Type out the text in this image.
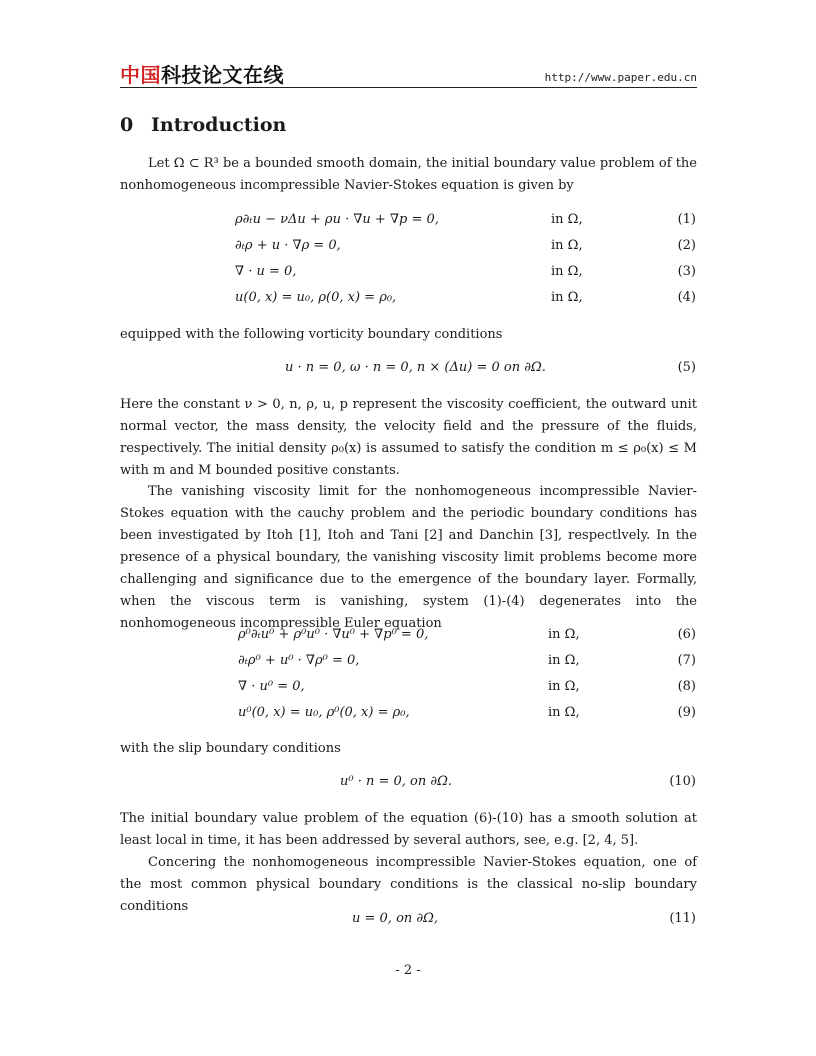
中国科技论文在线	http://www.paper.edu.cn
0 Introduction
Let Ω ⊂ R³ be a bounded smooth domain, the initial boundary value problem of the nonhomogeneous incompressible Navier-Stokes equation is given by
ρ∂ₜu − νΔu + ρu · ∇u + ∇p = 0,	in Ω,	(1)
∂ₜρ + u · ∇ρ = 0,	in Ω,	(2)
∇ · u = 0,	in Ω,	(3)
u(0, x) = u₀, ρ(0, x) = ρ₀,	in Ω,	(4)
equipped with the following vorticity boundary conditions
u · n = 0, ω · n = 0, n × (Δu) = 0 on ∂Ω.	(5)
Here the constant ν > 0, n, ρ, u, p represent the viscosity coefficient, the outward unit normal vector, the mass density, the velocity field and the pressure of the fluids, respectively. The initial density ρ₀(x) is assumed to satisfy the condition m ≤ ρ₀(x) ≤ M with m and M bounded positive constants.
The vanishing viscosity limit for the nonhomogeneous incompressible Navier-Stokes equation with the cauchy problem and the periodic boundary conditions has been investigated by Itoh [1], Itoh and Tani [2] and Danchin [3], respectlvely. In the presence of a physical boundary, the vanishing viscosity limit problems become more challenging and significance due to the emergence of the boundary layer. Formally, when the viscous term is vanishing, system (1)-(4) degenerates into the nonhomogeneous incompressible Euler equation
ρ⁰∂ₜu⁰ + ρ⁰u⁰ · ∇u⁰ + ∇p⁰ = 0,	in Ω,	(6)
∂ₜρ⁰ + u⁰ · ∇ρ⁰ = 0,	in Ω,	(7)
∇ · u⁰ = 0,	in Ω,	(8)
u⁰(0, x) = u₀, ρ⁰(0, x) = ρ₀,	in Ω,	(9)
with the slip boundary conditions
u⁰ · n = 0, on ∂Ω.	(10)
The initial boundary value problem of the equation (6)-(10) has a smooth solution at least local in time, it has been addressed by several authors, see, e.g. [2, 4, 5].
Concering the nonhomogeneous incompressible Navier-Stokes equation, one of the most common physical boundary conditions is the classical no-slip boundary conditions
u = 0, on ∂Ω,	(11)
- 2 -
